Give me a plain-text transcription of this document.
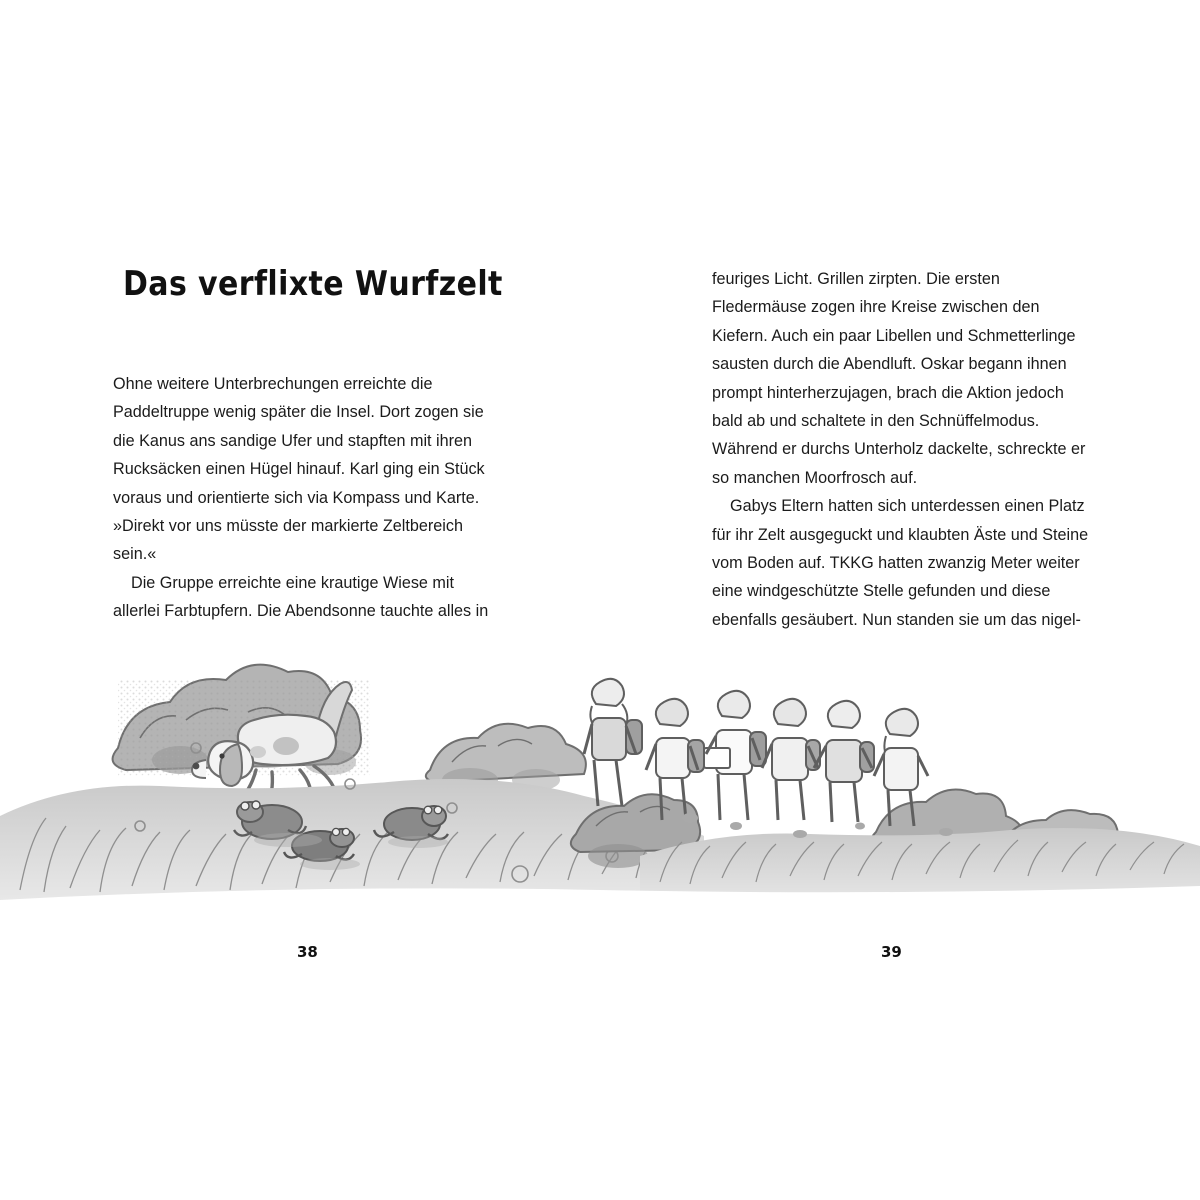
Das verflixte Wurfzelt

Ohne weitere Unterbrechungen erreichte die Paddeltruppe wenig später die Insel. Dort zogen sie die Kanus ans sandige Ufer und stapften mit ihren Rucksäcken einen Hügel hinauf. Karl ging ein Stück voraus und orientierte sich via Kompass und Karte. »Direkt vor uns müsste der markierte Zeltbereich sein.«

Die Gruppe erreichte eine krautige Wiese mit allerlei Farbtupfern. Die Abendsonne tauchte alles in

feuriges Licht. Grillen zirpten. Die ersten Fledermäuse zogen ihre Kreise zwischen den Kiefern. Auch ein paar Libellen und Schmetterlinge sausten durch die Abendluft. Oskar begann ihnen prompt hinterherzujagen, brach die Aktion jedoch bald ab und schaltete in den Schnüffelmodus. Während er durchs Unterholz dackelte, schreckte er so manchen Moorfrosch auf.

Gabys Eltern hatten sich unterdessen einen Platz für ihr Zelt ausgeguckt und klaubten Äste und Steine vom Boden auf. TKKG hatten zwanzig Meter weiter eine windgeschützte Stelle gefunden und diese ebenfalls gesäubert. Nun standen sie um das nigel-

38	39
